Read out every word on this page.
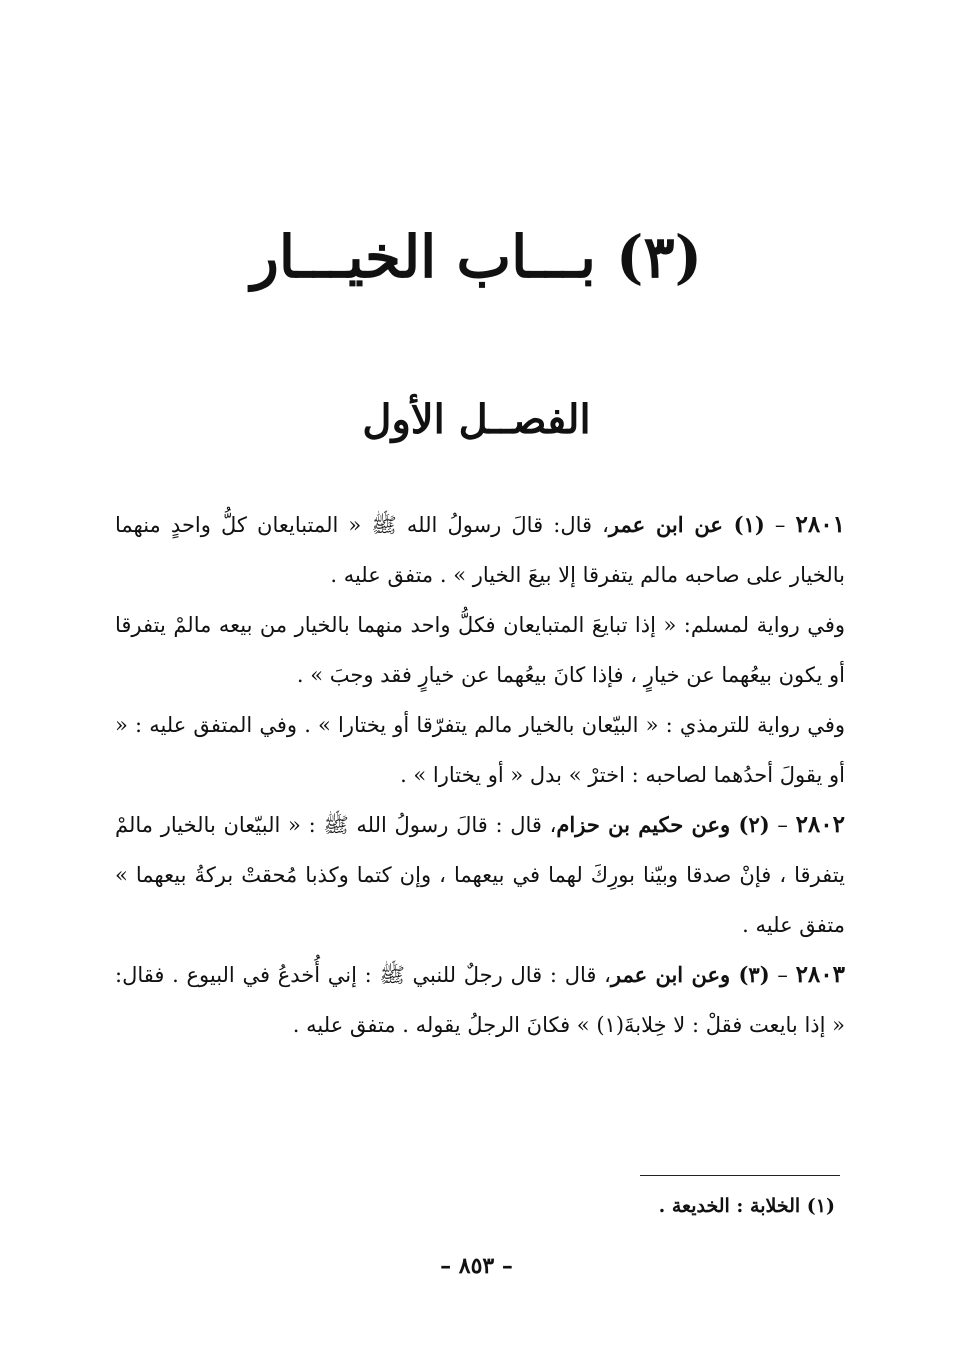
(٣) بـــاب الخيـــار
الفصــل الأول

٢٨٠١ – (١) عن ابن عمر، قال: قالَ رسولُ الله ﷺ « المتبايعان كلُّ واحدٍ منهما بالخيار على صاحبه مالم يتفرقا إلا بيعَ الخيار » . متفق عليه .

وفي رواية لمسلم: « إذا تبايعَ المتبايعان فكلُّ واحد منهما بالخيار من بيعه مالمْ يتفرقا أو يكون بيعُهما عن خيارٍ ، فإذا كانَ بيعُهما عن خيارٍ فقد وجبَ » .

وفي رواية للترمذي : « البيّعان بالخيار مالم يتفرّقا أو يختارا » . وفي المتفق عليه : « أو يقولَ أحدُهما لصاحبه : اخترْ » بدل « أو يختارا » .

٢٨٠٢ – (٢) وعن حكيم بن حزام، قال : قالَ رسولُ الله ﷺ : « البيّعان بالخيار مالمْ يتفرقا ، فإنْ صدقا وبيّنا بورِكَ لهما في بيعهما ، وإن كتما وكذبا مُحقتْ بركةُ بيعهما » متفق عليه .

٢٨٠٣ – (٣) وعن ابن عمر، قال : قال رجلٌ للنبي ﷺ : إني أُخدعُ في البيوع . فقال: « إذا بايعت فقلْ : لا خِلابةَ(١) » فكانَ الرجلُ يقوله . متفق عليه .

(١) الخلابة : الخديعة .
– ٨٥٣ –
